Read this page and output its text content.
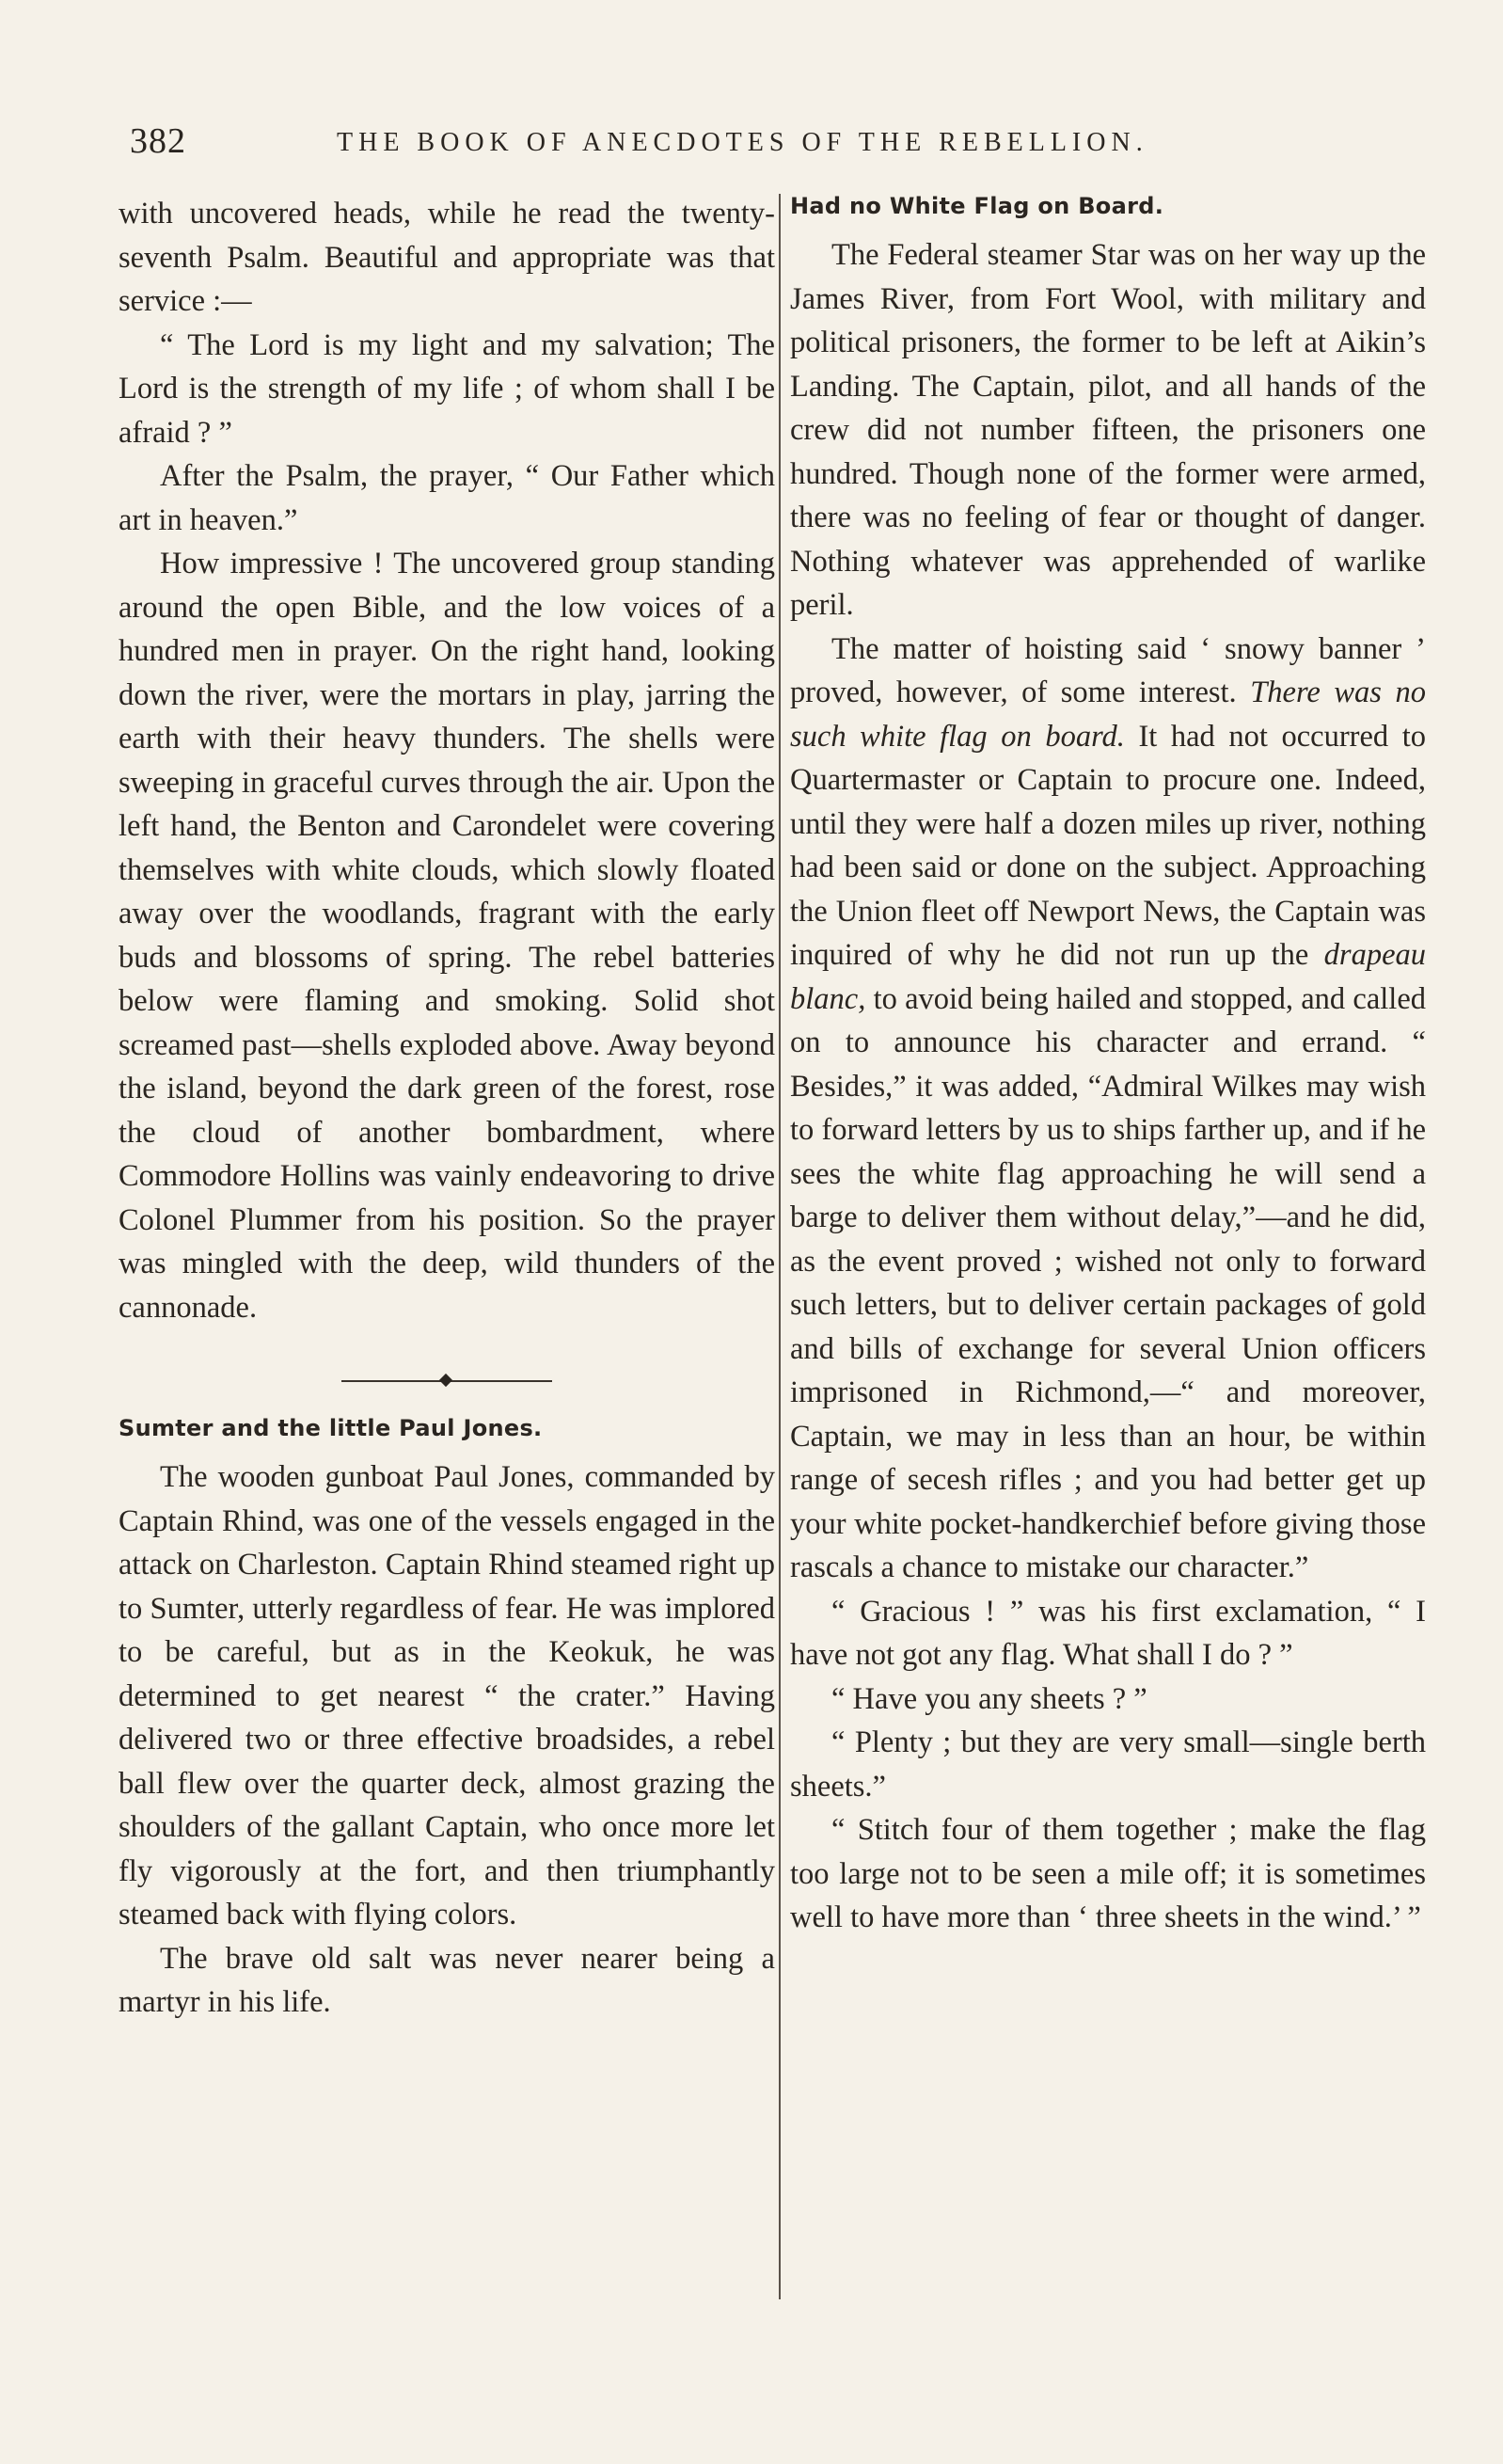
382	THE BOOK OF ANECDOTES OF THE REBELLION.

with uncovered heads, while he read the twenty-seventh Psalm. Beautiful and appropriate was that service :—

“ The Lord is my light and my salvation; The Lord is the strength of my life ; of whom shall I be afraid ? ”

After the Psalm, the prayer, “ Our Father which art in heaven.”

How impressive ! The uncovered group standing around the open Bible, and the low voices of a hundred men in prayer. On the right hand, looking down the river, were the mortars in play, jarring the earth with their heavy thunders. The shells were sweeping in graceful curves through the air. Upon the left hand, the Benton and Carondelet were covering themselves with white clouds, which slowly floated away over the woodlands, fragrant with the early buds and blossoms of spring. The rebel batteries below were flaming and smoking. Solid shot screamed past—shells exploded above. Away beyond the island, beyond the dark green of the forest, rose the cloud of another bombardment, where Commodore Hollins was vainly endeavoring to drive Colonel Plummer from his position. So the prayer was mingled with the deep, wild thunders of the cannonade.

Sumter and the little Paul Jones.

The wooden gunboat Paul Jones, commanded by Captain Rhind, was one of the vessels engaged in the attack on Charleston. Captain Rhind steamed right up to Sumter, utterly regardless of fear. He was implored to be careful, but as in the Keokuk, he was determined to get nearest “ the crater.” Having delivered two or three effective broadsides, a rebel ball flew over the quarter deck, almost grazing the shoulders of the gallant Captain, who once more let fly vigorously at the fort, and then triumphantly steamed back with flying colors.

The brave old salt was never nearer being a martyr in his life.

Had no White Flag on Board.

The Federal steamer Star was on her way up the James River, from Fort Wool, with military and political prisoners, the former to be left at Aikin’s Landing. The Captain, pilot, and all hands of the crew did not number fifteen, the prisoners one hundred. Though none of the former were armed, there was no feeling of fear or thought of danger. Nothing whatever was apprehended of warlike peril.

The matter of hoisting said ‘ snowy banner ’ proved, however, of some interest. There was no such white flag on board. It had not occurred to Quartermaster or Captain to procure one. Indeed, until they were half a dozen miles up river, nothing had been said or done on the subject. Approaching the Union fleet off Newport News, the Captain was inquired of why he did not run up the drapeau blanc, to avoid being hailed and stopped, and called on to announce his character and errand. “ Besides,” it was added, “Admiral Wilkes may wish to forward letters by us to ships farther up, and if he sees the white flag approaching he will send a barge to deliver them without delay,”—and he did, as the event proved ; wished not only to forward such letters, but to deliver certain packages of gold and bills of exchange for several Union officers imprisoned in Richmond,—“ and moreover, Captain, we may in less than an hour, be within range of secesh rifles ; and you had better get up your white pocket-handkerchief before giving those rascals a chance to mistake our character.”

“ Gracious ! ” was his first exclamation, “ I have not got any flag. What shall I do ? ”

“ Have you any sheets ? ”

“ Plenty ; but they are very small—single berth sheets.”

“ Stitch four of them together ; make the flag too large not to be seen a mile off; it is sometimes well to have more than ‘ three sheets in the wind.’ ”
